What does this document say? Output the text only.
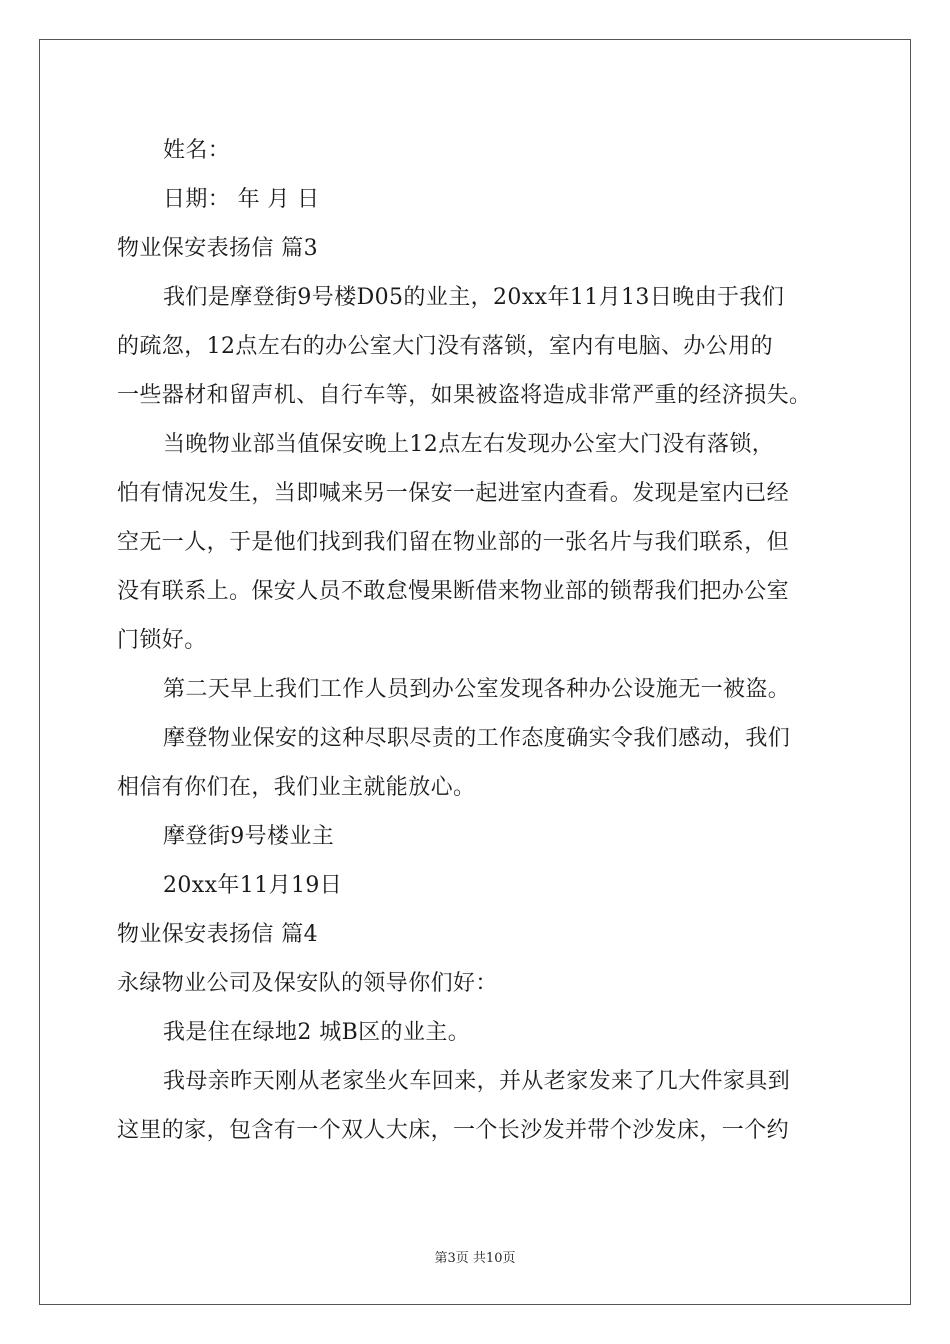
姓名：
日期： 年 月 日
物业保安表扬信 篇3
我们是摩登街9号楼D05的业主，20xx年11月13日晚由于我们
的疏忽，12点左右的办公室大门没有落锁，室内有电脑、办公用的
一些器材和留声机、自行车等，如果被盗将造成非常严重的经济损失。
当晚物业部当值保安晚上12点左右发现办公室大门没有落锁，
怕有情况发生，当即喊来另一保安一起进室内查看。发现是室内已经
空无一人，于是他们找到我们留在物业部的一张名片与我们联系，但
没有联系上。保安人员不敢怠慢果断借来物业部的锁帮我们把办公室
门锁好。
第二天早上我们工作人员到办公室发现各种办公设施无一被盗。
摩登物业保安的这种尽职尽责的工作态度确实令我们感动，我们
相信有你们在，我们业主就能放心。
摩登街9号楼业主
20xx年11月19日
物业保安表扬信 篇4
永绿物业公司及保安队的领导你们好：
我是住在绿地2 城B区的业主。
我母亲昨天刚从老家坐火车回来，并从老家发来了几大件家具到
这里的家，包含有一个双人大床，一个长沙发并带个沙发床，一个约
第3页 共10页
